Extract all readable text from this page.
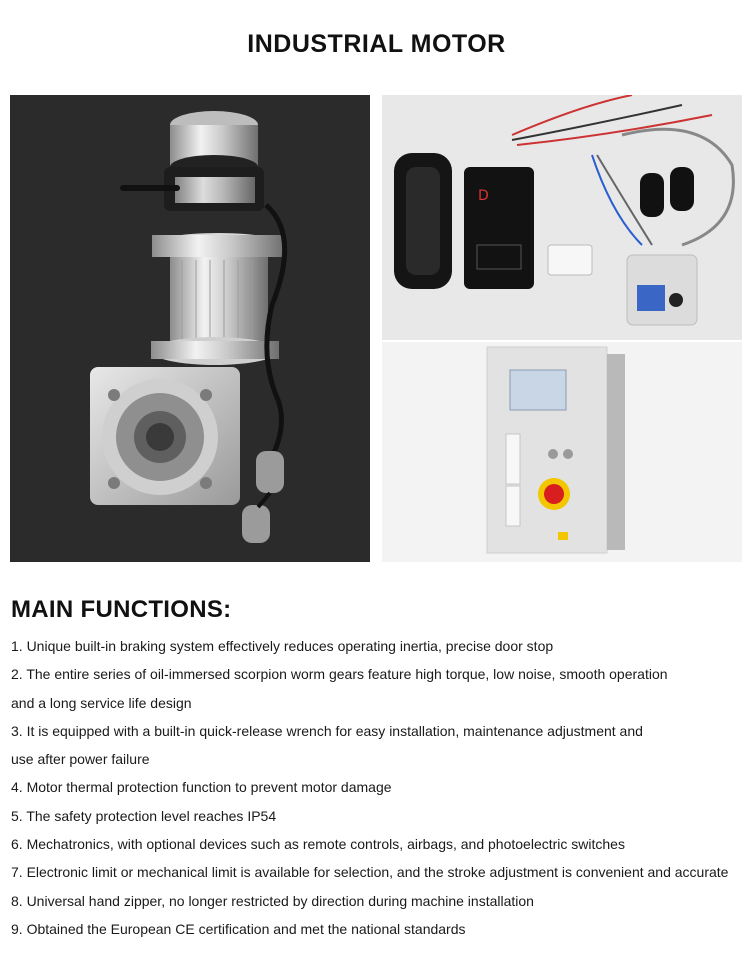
INDUSTRIAL MOTOR
D
MAIN FUNCTIONS:
1. Unique built-in braking system effectively reduces operating inertia, precise door stop
2. The entire series of oil-immersed scorpion worm gears feature high torque, low noise, smooth operation
and a long service life design
3. It is equipped with a built-in quick-release wrench for easy installation, maintenance adjustment and
use after power failure
4. Motor thermal protection function to prevent motor damage
5. The safety protection level reaches IP54
6. Mechatronics, with optional devices such as remote controls, airbags, and photoelectric switches
7. Electronic limit or mechanical limit is available for selection, and the stroke adjustment is convenient and accurate
8. Universal hand zipper, no longer restricted by direction during machine installation
9. Obtained the European CE certification and met the national standards
